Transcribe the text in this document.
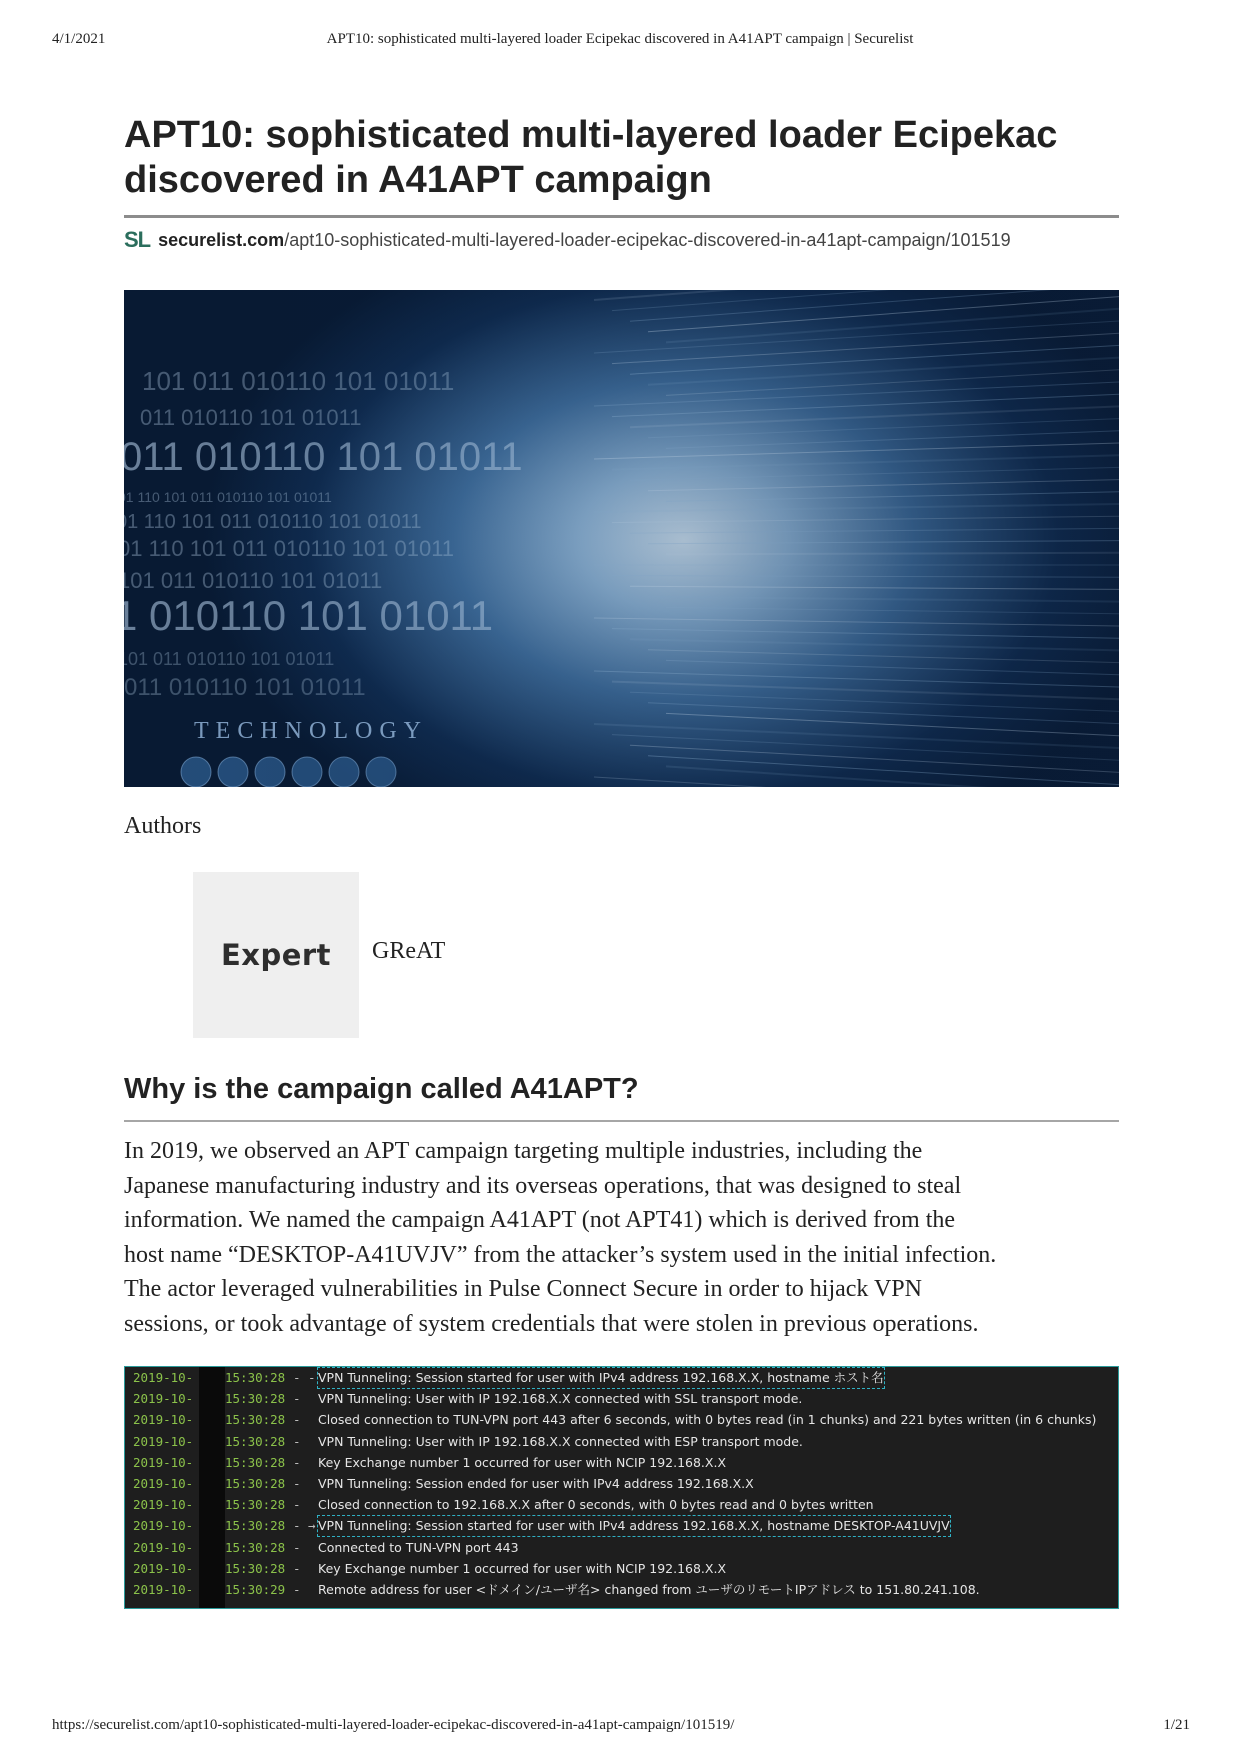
4/1/2021	APT10: sophisticated multi-layered loader Ecipekac discovered in A41APT campaign | Securelist
APT10: sophisticated multi-layered loader Ecipekac
discovered in A41APT campaign
SL securelist.com /apt10-sophisticated-multi-layered-loader-ecipekac-discovered-in-a41apt-campaign/101519
TECHNOLOGY
Authors
Expert GReAT
Why is the campaign called A41APT?

In 2019, we observed an APT campaign targeting multiple industries, including the
Japanese manufacturing industry and its overseas operations, that was designed to steal
information. We named the campaign A41APT (not APT41) which is derived from the
host name “DESKTOP-A41UVJV” from the attacker’s system used in the initial infection.
The actor leveraged vulnerabilities in Pulse Connect Secure in order to hijack VPN
sessions, or took advantage of system credentials that were stolen in previous operations.

2019-10-	15:30:28 - - VPN Tunneling: Session started for user with IPv4 address 192.168.X.X, hostname ホスト名
2019-10-	15:30:28 - VPN Tunneling: User with IP 192.168.X.X connected with SSL transport mode.
2019-10-	15:30:28 - Closed connection to TUN-VPN port 443 after 6 seconds, with 0 bytes read (in 1 chunks) and 221 bytes written (in 6 chunks)
2019-10-	15:30:28 - VPN Tunneling: User with IP 192.168.X.X connected with ESP transport mode.
2019-10-	15:30:28 - Key Exchange number 1 occurred for user with NCIP 192.168.X.X
2019-10-	15:30:28 - VPN Tunneling: Session ended for user with IPv4 address 192.168.X.X
2019-10-	15:30:28 - Closed connection to 192.168.X.X after 0 seconds, with 0 bytes read and 0 bytes written
2019-10-	15:30:28 - → VPN Tunneling: Session started for user with IPv4 address 192.168.X.X, hostname DESKTOP-A41UVJV
2019-10-	15:30:28 - Connected to TUN-VPN port 443
2019-10-	15:30:28 - Key Exchange number 1 occurred for user with NCIP 192.168.X.X
2019-10-	15:30:29 - Remote address for user <ドメイン/ユーザ名> changed from ユーザのリモートIPアドレス to 151.80.241.108.
https://securelist.com/apt10-sophisticated-multi-layered-loader-ecipekac-discovered-in-a41apt-campaign/101519/	1/21
